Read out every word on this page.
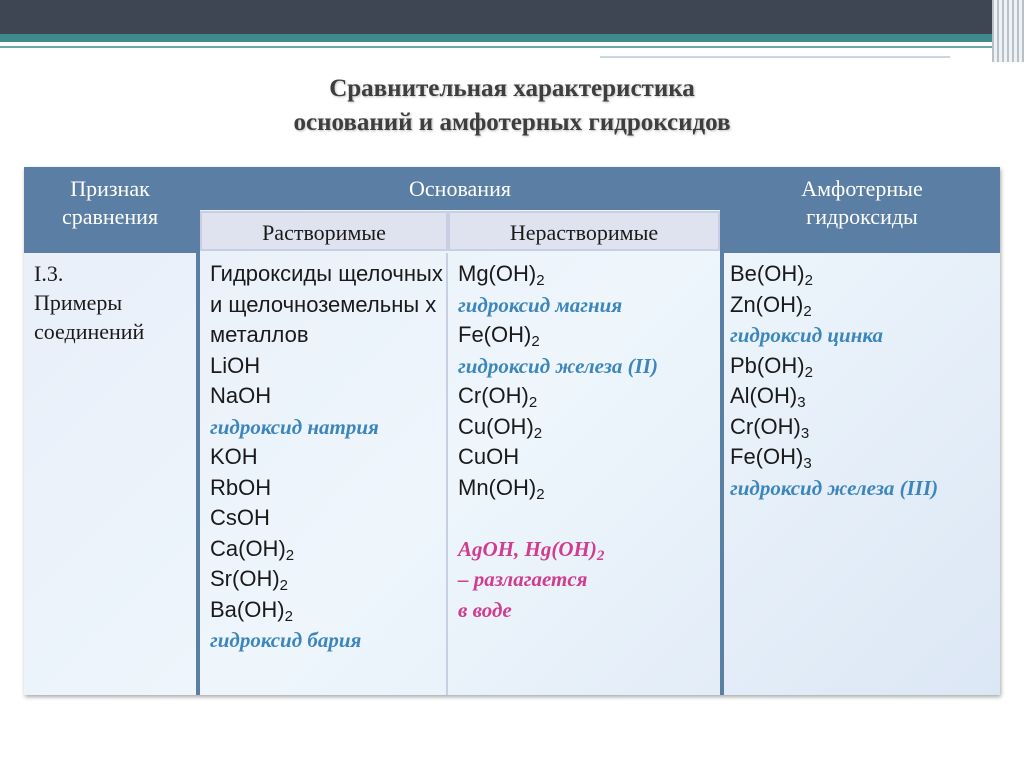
Сравнительная характеристика
оснований и амфотерных гидроксидов
Признак
сравнения
Основания	Амфотерные
гидроксиды
Растворимые	Нерастворимые
I.3.
Примеры
соединений
Гидроксиды щелочных и щелочноземельны х металлов
LiOH
NaOH
гидроксид натрия
KOH
RbOH
CsOH
$Ca(OH)_2$
$Sr(OH)_2$
$Ba(OH)_2$
гидроксид бария
$Mg(OH)_2$
гидроксид магния
$Fe(OH)_2$
гидроксид железа (II)
$Cr(OH)_2$
$Cu(OH)_2$
CuOH
$Mn(OH)_2$

AgOH, $Hg(OH)_2$
– разлагается
в воде
$Be(OH)_2$
$Zn(OH)_2$
гидроксид цинка
$Pb(OH)_2$
$Al(OH)_3$
$Cr(OH)_3$
$Fe(OH)_3$
гидроксид железа (III)
